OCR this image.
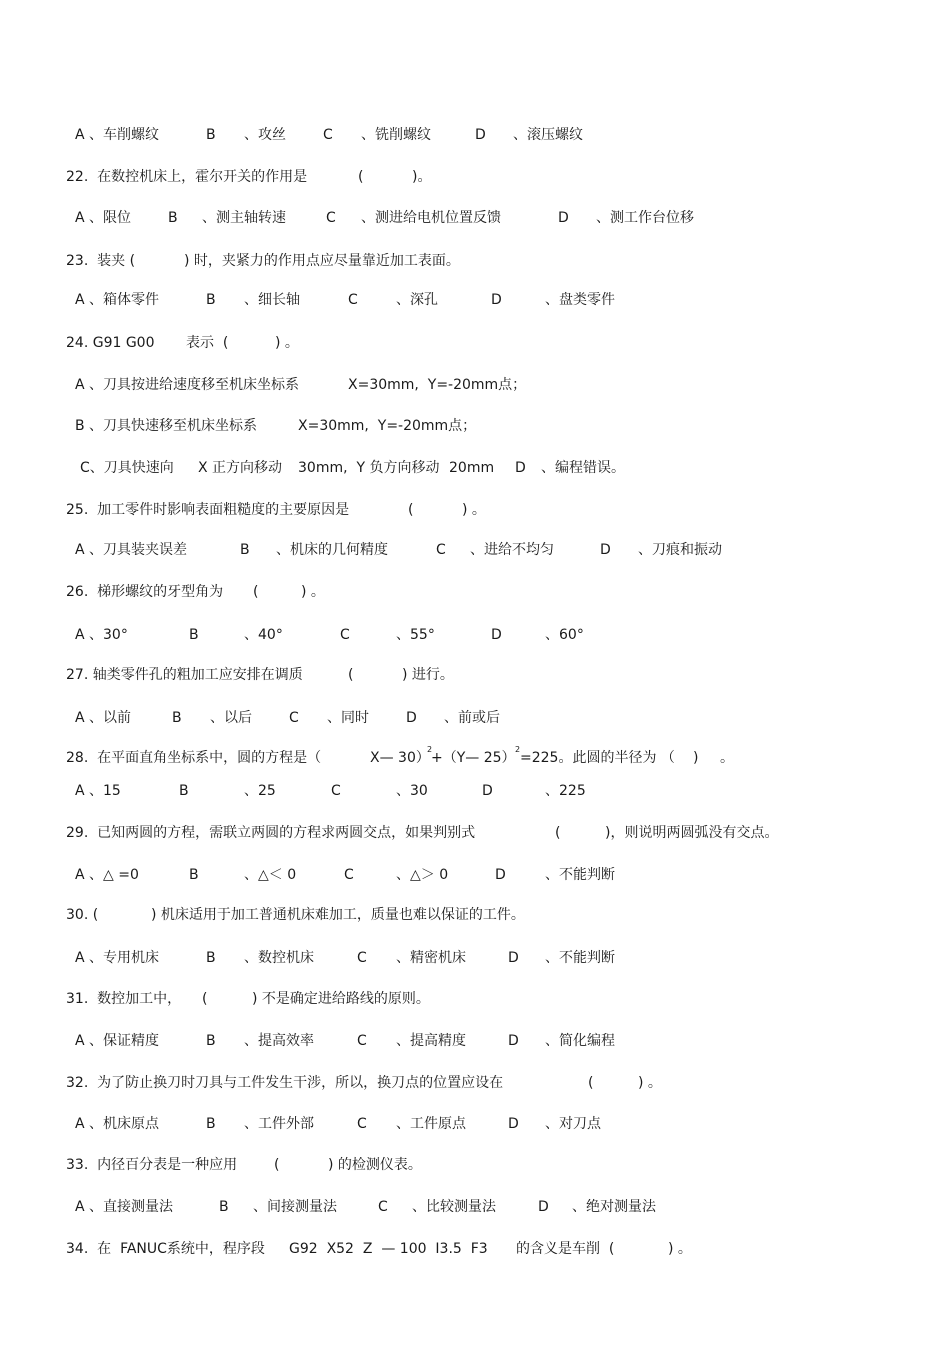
A 、车削螺纹

	B

、攻丝

	C

、铣削螺纹

	D

、滚压螺纹

22.  在数控机床上，霍尔开关的作用是

	(

	)。

A 、限位

	B

、测主轴转速

	C

、测进给电机位置反馈

	D

、测工作台位移

23.  装夹 (

	) 时，夹紧力的作用点应尽量靠近加工表面。

A 、箱体零件

	B

、细长轴

	C

	、深孔

	D

	、盘类零件

24. G91 G00

表示  (

	) 。

A 、刀具按进给速度移至机床坐标系

	X=30mm,  Y=-20mm点；

B 、刀具快速移至机床坐标系

	X=30mm,  Y=-20mm点；

C、刀具快速向

X 正方向移动

30mm,  Y 负方向移动

20mm

D

、编程错误。

25.  加工零件时影响表面粗糙度的主要原因是

	(

	) 。

A 、刀具装夹误差

	B

、机床的几何精度

	C

、进给不均匀

	D

、刀痕和振动

26.  梯形螺纹的牙型角为

(

	) 。

A 、30°

	B

	、40°

	C

	、55°

	D

	、60°

27. 轴类零件孔的粗加工应安排在调质

	(

	) 进行。

A 、以前

	B

、以后

	C

、同时

	D

、前或后

28.  在平面直角坐标系中，圆的方程是（

	X— 30）

2

+（Y— 25）

2

=225。此圆的半径为 （

)

。

A 、15

	B

	、25

	C

	、30

	D

	、225

29.  已知两圆的方程，需联立两圆的方程求两圆交点，如果判别式

	(

	)，则说明两圆弧没有交点。

A 、△ =0

	B

	、△＜ 0

	C

	、△＞ 0

	D

	、不能判断

30. (

	) 机床适用于加工普通机床难加工，质量也难以保证的工件。

A 、专用机床

	B

、数控机床

	C

、精密机床

	D

、不能判断

31.  数控加工中，

(

	) 不是确定进给路线的原则。

A 、保证精度

	B

、提高效率

	C

、提高精度

	D

、简化编程

32.  为了防止换刀时刀具与工件发生干涉，所以，换刀点的位置应设在

	(

	) 。

A 、机床原点

	B

、工件外部

	C

、工件原点

	D

、对刀点

33.  内径百分表是一种应用

	(

	) 的检测仪表。

A 、直接测量法

	B

、间接测量法

	C

、比较测量法

	D

、绝对测量法

34.  在  FANUC系统中，程序段

G92  X52  Z  — 100  I3.5  F3

的含义是车削  (

	) 。
